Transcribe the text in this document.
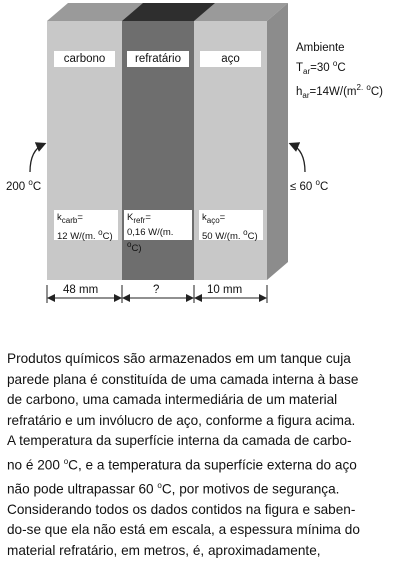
carbono	refratário	aço
$k_{carb}=$
12 W/(m. $^o$C)
$K_{refr}=$
0,16 W/(m. $^o$C)
$k_{aço}=$
50 W/(m. $^o$C)
Ambiente
$T_{ar}=30$ $^o$C
$h_{ar}=14W/(m^{2.}$ $^o$C)
200 $^o$C	≤ 60 $^o$C
48 mm	?	10 mm
Produtos químicos são armazenados em um tanque cuja
parede plana é constituída de uma camada interna à base
de carbono, uma camada intermediária de um material
refratário e um invólucro de aço, conforme a figura acima.
A temperatura da superfície interna da camada de carbo-
no é 200 $^o$C, e a temperatura da superfície externa do aço
não pode ultrapassar 60 $^o$C, por motivos de segurança.
Considerando todos os dados contidos na figura e saben-
do-se que ela não está em escala, a espessura mínima do
material refratário, em metros, é, aproximadamente,
